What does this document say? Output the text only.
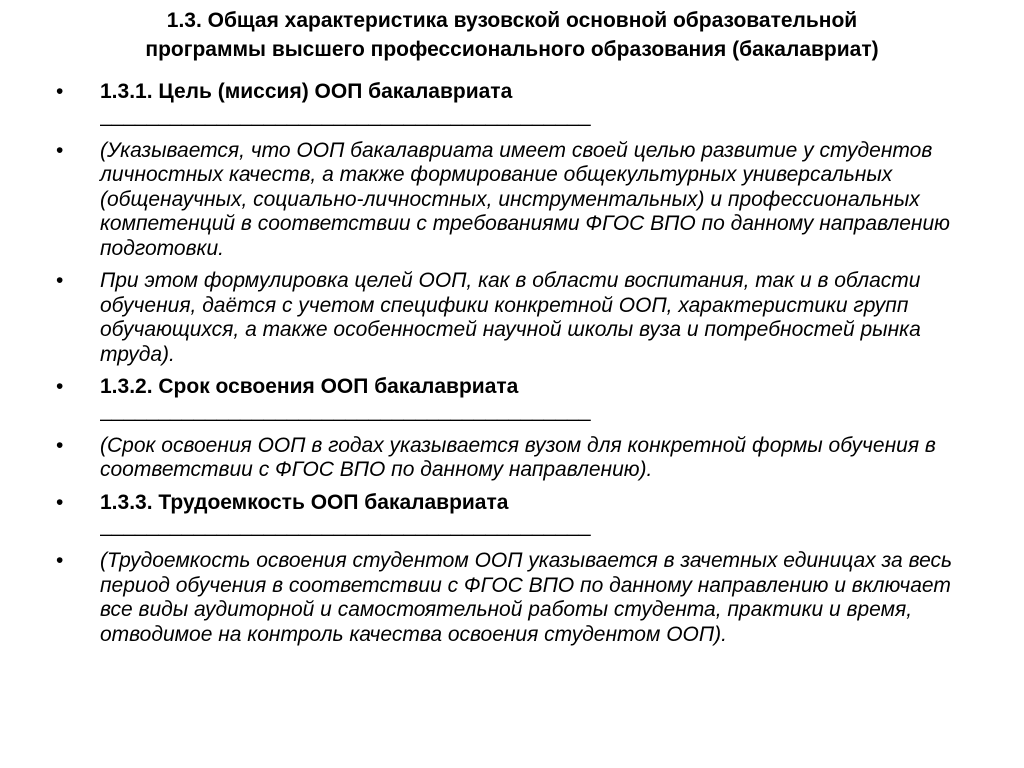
1.3. Общая характеристика вузовской основной образовательной
программы высшего профессионального образования (бакалавриат)
•	1.3.1. Цель (миссия) ООП бакалавриата
__________________________________________
•	(Указывается, что ООП бакалавриата имеет своей целью развитие у студентов личностных качеств, а также формирование общекультурных универсальных (общенаучных, социально-личностных, инструментальных) и профессиональных компетенций в соответствии с требованиями ФГОС ВПО по данному направлению подготовки.
•	При этом формулировка целей ООП, как в области воспитания, так и в области обучения, даётся с учетом специфики конкретной ООП, характеристики групп обучающихся, а также особенностей научной школы вуза и потребностей рынка труда).
•	1.3.2. Срок освоения ООП бакалавриата
__________________________________________
•	(Срок освоения ООП в годах указывается вузом для конкретной формы обучения в соответствии с ФГОС ВПО по данному направлению).
•	1.3.3. Трудоемкость ООП бакалавриата
__________________________________________
•	(Трудоемкость освоения студентом ООП указывается в зачетных единицах за весь период обучения в соответствии с ФГОС ВПО по данному направлению и включает все виды аудиторной и самостоятельной работы студента, практики и время, отводимое на контроль качества освоения студентом ООП).
